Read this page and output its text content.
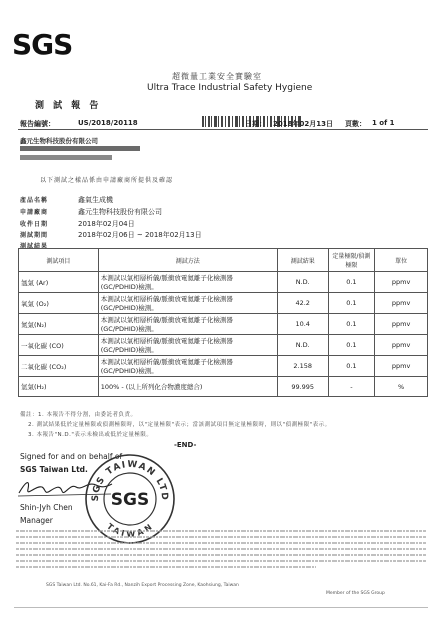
SGS
超微量工業安全實驗室
Ultra Trace Industrial Safety Hygiene
測 試 報 告
報告編號：	US/2018/20118	日期： 2018年02月13日 頁數： 1 of 1
鑫元生物科技股份有限公司
以下測試之樣品係由申請廠商所提供及確認
產品名稱	鑫氣生成機
申請廠商	鑫元生物科技股份有限公司
收件日期	2018年02月04日
測試期間	2018年02月06日 ~ 2018年02月13日
測試結果
測試項目	測試方法	測試結果	定量極限/偵測極限	單位
氬氣 (Ar)	本測試以氣相層析儀/脈衝放電氦離子化檢測器
(GC/PDHID)檢測。	N.D.	0.1	ppmv
氧氣 (O₂)	本測試以氣相層析儀/脈衝放電氦離子化檢測器
(GC/PDHID)檢測。	42.2	0.1	ppmv
氮氣(N₂)	本測試以氣相層析儀/脈衝放電氦離子化檢測器
(GC/PDHID)檢測。	10.4	0.1	ppmv
一氧化碳 (CO)	本測試以氣相層析儀/脈衝放電氦離子化檢測器
(GC/PDHID)檢測。	N.D.	0.1	ppmv
二氧化碳 (CO₂)	本測試以氣相層析儀/脈衝放電氦離子化檢測器
(GC/PDHID)檢測。	2.158	0.1	ppmv
氫氣(H₂)	100% - (以上所列化合物濃度總合)	99.995	-	%
備註：1. 本報告不得分割，由委託者負責。
2. 測試結果低於定量極限或偵測極限時，以"定量極限"表示；當該測試項目無定量極限時，則以"偵測極限"表示。
3. 本報告"N.D."表示未檢出或低於定量極限。
-END-
Signed for and on behalf of
SGS Taiwan Ltd.
Shin-Jyh Chen
Manager
SGS TAIWAN LTD
SGS
TAIWAN
SGS Taiwan Ltd. No.61, Kai-Fa Rd., Nanzih Export Processing Zone, Kaohsiung, Taiwan
Member of the SGS Group
